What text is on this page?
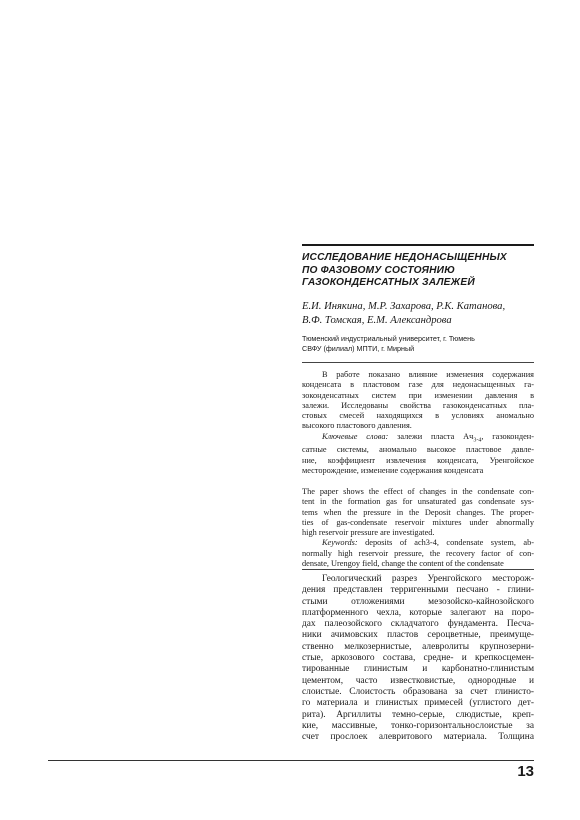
ИССЛЕДОВАНИЕ НЕДОНАСЫЩЕННЫХ
ПО ФАЗОВОМУ СОСТОЯНИЮ
ГАЗОКОНДЕНСАТНЫХ ЗАЛЕЖЕЙ

Е.И. Инякина, М.Р. Захарова, Р.К. Катанова,
В.Ф. Томская, Е.М. Александрова

Тюменский индустриальный университет, г. Тюмень
СВФУ (филиал) МПТИ, г. Мирный

В работе показано влияние изменения содержания
конденсата в пластовом газе для недонасыщенных га-
зоконденсатных систем при изменении давления в
залежи. Исследованы свойства газоконденсатных пла-
стовых смесей находящихся в условиях аномально
высокого пластового давления.
Ключевые слова: залежи пласта $Ач_{3-4}$, газоконден-
сатные системы, аномально высокое пластовое давле-
ние, коэффициент извлечения конденсата, Уренгойское
месторождение, изменение содержания конденсата
The paper shows the effect of changes in the condensate con-
tent in the formation gas for unsaturated gas condensate sys-
tems when the pressure in the Deposit changes. The proper-
ties of gas-condensate reservoir mixtures under abnormally
high reservoir pressure are investigated.
Keywords: deposits of ach3-4, condensate system, ab-
normally high reservoir pressure, the recovery factor of con-
densate, Urengoy field, change the content of the condensate
Геологический разрез Уренгойского месторож-
дения представлен терригенными песчано - глини-
стыми отложениями мезозойско-кайнозойского
платформенного чехла, которые залегают на поро-
дах палеозойского складчатого фундамента. Песча-
ники ачимовских пластов сероцветные, преимуще-
ственно мелкозернистые, алевролиты крупнозерни-
стые, аркозового состава, средне- и крепкосцемен-
тированные глинистым и карбонатно-глинистым
цементом, часто известковистые, однородные и
слоистые. Слоистость образована за счет глинисто-
го материала и глинистых примесей (углистого дет-
рита). Аргиллиты темно-серые, слюдистые, креп-
кие, массивные, тонко-горизонтальнослоистые за
счет прослоек алевритового материала. Толщина

13
